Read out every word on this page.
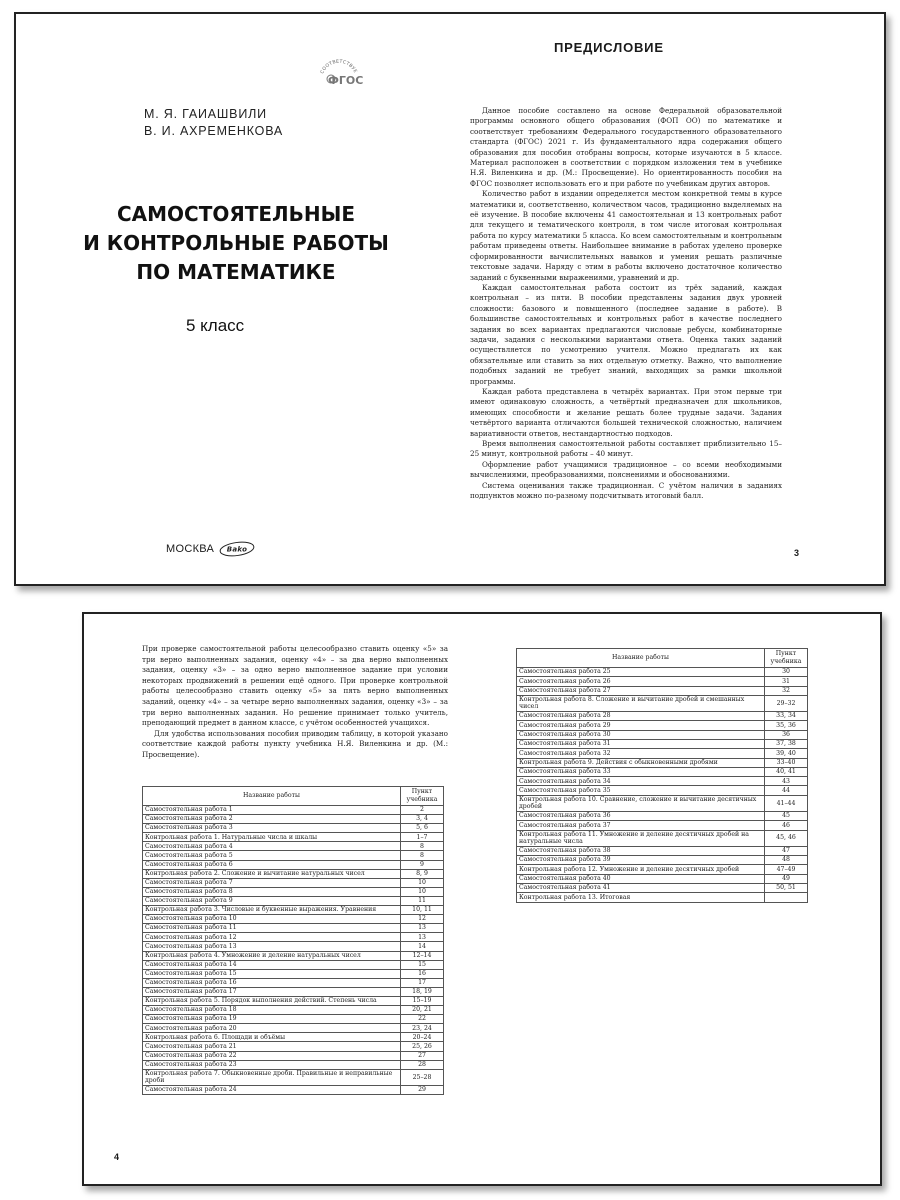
СООТВЕТСТВУЕ
ФГОС
М. Я. ГАИАШВИЛИ
В. И. АХРЕМЕНКОВА
САМОСТОЯТЕЛЬНЫЕ
И КОНТРОЛЬНЫЕ РАБОТЫ
ПО МАТЕМАТИКЕ
5 класс
МОСКВА Bako
ПРЕДИСЛОВИЕ

Данное пособие составлено на основе Федеральной образовательной программы основного общего образования (ФОП ОО) по математике и соответствует требованиям Федерального государственного образовательного стандарта (ФГОС) 2021 г. Из фундаментального ядра содержания общего образования для пособия отобраны вопросы, которые изучаются в 5 классе. Материал расположен в соответствии с порядком изложения тем в учебнике Н.Я. Виленкина и др. (М.: Просвещение). Но ориентированность пособия на ФГОС позволяет использовать его и при работе по учебникам других авторов.

Количество работ в издании определяется местом конкретной темы в курсе математики и, соответственно, количеством часов, традиционно выделяемых на её изучение. В пособие включены 41 самостоятельная и 13 контрольных работ для текущего и тематического контроля, в том числе итоговая контрольная работа по курсу математики 5 класса. Ко всем самостоятельным и контрольным работам приведены ответы. Наибольшее внимание в работах уделено проверке сформированности вычислительных навыков и умения решать различные текстовые задачи. Наряду с этим в работы включено достаточное количество заданий с буквенными выражениями, уравнений и др.

Каждая самостоятельная работа состоит из трёх заданий, каждая контрольная – из пяти. В пособии представлены задания двух уровней сложности: базового и повышенного (последнее задание в работе). В большинстве самостоятельных и контрольных работ в качестве последнего задания во всех вариантах предлагаются числовые ребусы, комбинаторные задачи, задания с несколькими вариантами ответа. Оценка таких заданий осуществляется по усмотрению учителя. Можно предлагать их как обязательные или ставить за них отдельную отметку. Важно, что выполнение подобных заданий не требует знаний, выходящих за рамки школьной программы.

Каждая работа представлена в четырёх вариантах. При этом первые три имеют одинаковую сложность, а четвёртый предназначен для школьников, имеющих способности и желание решать более трудные задачи. Задания четвёртого варианта отличаются большей технической сложностью, наличием вариативности ответов, нестандартностью подходов.

Время выполнения самостоятельной работы составляет приблизительно 15–25 минут, контрольной работы – 40 минут.

Оформление работ учащимися традиционное – со всеми необходимыми вычислениями, преобразованиями, пояснениями и обоснованиями.

Система оценивания также традиционная. С учётом наличия в заданиях подпунктов можно по-разному подсчитывать итоговый балл.

3

При проверке самостоятельной работы целесообразно ставить оценку «5» за три верно выполненных задания, оценку «4» – за два верно выполненных задания, оценку «3» – за одно верно выполненное задание при условии некоторых продвижений в решении ещё одного. При проверке контрольной работы целесообразно ставить оценку «5» за пять верно выполненных заданий, оценку «4» – за четыре верно выполненных задания, оценку «3» – за три верно выполненных задания. Но решение принимает только учитель, преподающий предмет в данном классе, с учётом особенностей учащихся.

Для удобства использования пособия приводим таблицу, в которой указано соответствие каждой работы пункту учебника Н.Я. Виленкина и др. (М.: Просвещение).

Название работы	Пункт учебника
Самостоятельная работа 1	2
Самостоятельная работа 2	3, 4
Самостоятельная работа 3	5, 6
Контрольная работа 1. Натуральные числа и шкалы	1–7
Самостоятельная работа 4	8
Самостоятельная работа 5	8
Самостоятельная работа 6	9
Контрольная работа 2. Сложение и вычитание натуральных чисел	8, 9
Самостоятельная работа 7	10
Самостоятельная работа 8	10
Самостоятельная работа 9	11
Контрольная работа 3. Числовые и буквенные выражения. Уравнения	10, 11
Самостоятельная работа 10	12
Самостоятельная работа 11	13
Самостоятельная работа 12	13
Самостоятельная работа 13	14
Контрольная работа 4. Умножение и деление натуральных чисел	12–14
Самостоятельная работа 14	15
Самостоятельная работа 15	16
Самостоятельная работа 16	17
Самостоятельная работа 17	18, 19
Контрольная работа 5. Порядок выполнения действий. Степень числа	15–19
Самостоятельная работа 18	20, 21
Самостоятельная работа 19	22
Самостоятельная работа 20	23, 24
Контрольная работа 6. Площади и объёмы	20–24
Самостоятельная работа 21	25, 26
Самостоятельная работа 22	27
Самостоятельная работа 23	28
Контрольная работа 7. Обыкновенные дроби. Правильные и неправильные дроби	25–28
Самостоятельная работа 24	29
4
Название работы	Пункт учебника
Самостоятельная работа 25	30
Самостоятельная работа 26	31
Самостоятельная работа 27	32
Контрольная работа 8. Сложение и вычитание дробей и смешанных чисел	29–32
Самостоятельная работа 28	33, 34
Самостоятельная работа 29	35, 36
Самостоятельная работа 30	36
Самостоятельная работа 31	37, 38
Самостоятельная работа 32	39, 40
Контрольная работа 9. Действия с обыкновенными дробями	33–40
Самостоятельная работа 33	40, 41
Самостоятельная работа 34	43
Самостоятельная работа 35	44
Контрольная работа 10. Сравнение, сложение и вычитание десятичных дробей	41–44
Самостоятельная работа 36	45
Самостоятельная работа 37	46
Контрольная работа 11. Умножение и деление десятичных дробей на натуральные числа	45, 46
Самостоятельная работа 38	47
Самостоятельная работа 39	48
Контрольная работа 12. Умножение и деление десятичных дробей	47–49
Самостоятельная работа 40	49
Самостоятельная работа 41	50, 51
Контрольная работа 13. Итоговая	
